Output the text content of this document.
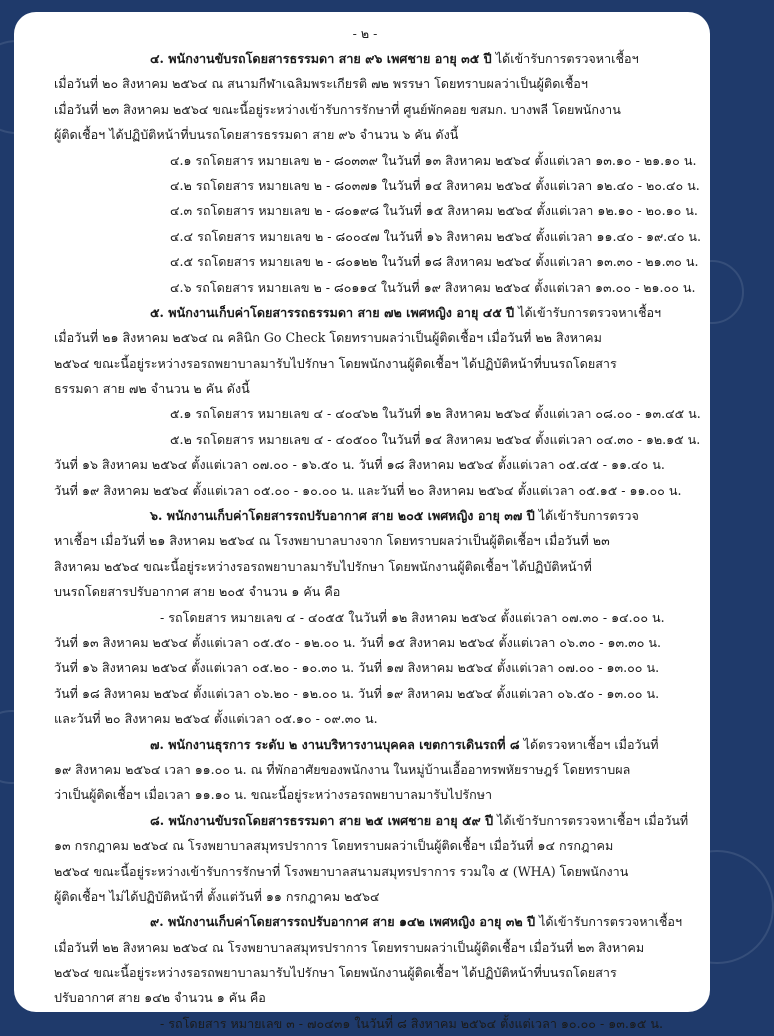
- ๒ -
๔. พนักงานขับรถโดยสารธรรมดา สาย ๙๖ เพศชาย อายุ ๓๕ ปี ได้เข้ารับการตรวจหาเชื้อฯ
เมื่อวันที่ ๒๐ สิงหาคม ๒๕๖๔ ณ สนามกีฬาเฉลิมพระเกียรติ ๗๒ พรรษา โดยทราบผลว่าเป็นผู้ติดเชื้อฯ
เมื่อวันที่ ๒๓ สิงหาคม ๒๕๖๔ ขณะนี้อยู่ระหว่างเข้ารับการรักษาที่ ศูนย์พักคอย ขสมก. บางพลี โดยพนักงาน
ผู้ติดเชื้อฯ ได้ปฏิบัติหน้าที่บนรถโดยสารธรรมดา สาย ๙๖ จำนวน ๖ คัน ดังนี้
๔.๑ รถโดยสาร หมายเลข ๒ - ๘๐๓๓๙ ในวันที่ ๑๓ สิงหาคม ๒๕๖๔ ตั้งแต่เวลา ๑๓.๑๐ - ๒๑.๑๐ น.
๔.๒ รถโดยสาร หมายเลข ๒ - ๘๐๓๗๑ ในวันที่ ๑๔ สิงหาคม ๒๕๖๔ ตั้งแต่เวลา ๑๒.๔๐ - ๒๐.๔๐ น.
๔.๓ รถโดยสาร หมายเลข ๒ - ๘๐๑๙๘ ในวันที่ ๑๕ สิงหาคม ๒๕๖๔ ตั้งแต่เวลา ๑๒.๑๐ - ๒๐.๑๐ น.
๔.๔ รถโดยสาร หมายเลข ๒ - ๘๐๐๔๗ ในวันที่ ๑๖ สิงหาคม ๒๕๖๔ ตั้งแต่เวลา ๑๑.๔๐ - ๑๙.๔๐ น.
๔.๕ รถโดยสาร หมายเลข ๒ - ๘๐๑๒๒ ในวันที่ ๑๘ สิงหาคม ๒๕๖๔ ตั้งแต่เวลา ๑๓.๓๐ - ๒๑.๓๐ น.
๔.๖ รถโดยสาร หมายเลข ๒ - ๘๐๑๑๔ ในวันที่ ๑๙ สิงหาคม ๒๕๖๔ ตั้งแต่เวลา ๑๓.๐๐ - ๒๑.๐๐ น.
๕. พนักงานเก็บค่าโดยสารรถธรรมดา สาย ๗๒ เพศหญิง อายุ ๔๕ ปี ได้เข้ารับการตรวจหาเชื้อฯ
เมื่อวันที่ ๒๑ สิงหาคม ๒๕๖๔ ณ คลินิก Go Check โดยทราบผลว่าเป็นผู้ติดเชื้อฯ เมื่อวันที่ ๒๒ สิงหาคม
๒๕๖๔ ขณะนี้อยู่ระหว่างรอรถพยาบาลมารับไปรักษา โดยพนักงานผู้ติดเชื้อฯ ได้ปฏิบัติหน้าที่บนรถโดยสาร
ธรรมดา สาย ๗๒ จำนวน ๒ คัน ดังนี้
๕.๑ รถโดยสาร หมายเลข ๔ - ๔๐๔๖๒ ในวันที่ ๑๒ สิงหาคม ๒๕๖๔ ตั้งแต่เวลา ๐๘.๐๐ - ๑๓.๔๕ น.
๕.๒ รถโดยสาร หมายเลข ๔ - ๔๐๕๐๐ ในวันที่ ๑๔ สิงหาคม ๒๕๖๔ ตั้งแต่เวลา ๐๔.๓๐ - ๑๒.๑๕ น.
วันที่ ๑๖ สิงหาคม ๒๕๖๔ ตั้งแต่เวลา ๐๗.๐๐ - ๑๖.๕๐ น. วันที่ ๑๘ สิงหาคม ๒๕๖๔ ตั้งแต่เวลา ๐๕.๔๕ - ๑๑.๔๐ น.
วันที่ ๑๙ สิงหาคม ๒๕๖๔ ตั้งแต่เวลา ๐๕.๐๐ - ๑๐.๐๐ น. และวันที่ ๒๐ สิงหาคม ๒๕๖๔ ตั้งแต่เวลา ๐๕.๑๕ - ๑๑.๐๐ น.
๖. พนักงานเก็บค่าโดยสารรถปรับอากาศ สาย ๒๐๕ เพศหญิง อายุ ๓๗ ปี ได้เข้ารับการตรวจ
หาเชื้อฯ เมื่อวันที่ ๒๑ สิงหาคม ๒๕๖๔ ณ โรงพยาบาลบางจาก โดยทราบผลว่าเป็นผู้ติดเชื้อฯ เมื่อวันที่ ๒๓
สิงหาคม ๒๕๖๔ ขณะนี้อยู่ระหว่างรอรถพยาบาลมารับไปรักษา โดยพนักงานผู้ติดเชื้อฯ ได้ปฏิบัติหน้าที่
บนรถโดยสารปรับอากาศ สาย ๒๐๕ จำนวน ๑ คัน คือ
- รถโดยสาร หมายเลข ๔ - ๔๐๕๕ ในวันที่ ๑๒ สิงหาคม ๒๕๖๔ ตั้งแต่เวลา ๐๗.๓๐ - ๑๔.๐๐ น.
วันที่ ๑๓ สิงหาคม ๒๕๖๔ ตั้งแต่เวลา ๐๕.๕๐ - ๑๒.๐๐ น. วันที่ ๑๕ สิงหาคม ๒๕๖๔ ตั้งแต่เวลา ๐๖.๓๐ - ๑๓.๓๐ น.
วันที่ ๑๖ สิงหาคม ๒๕๖๔ ตั้งแต่เวลา ๐๕.๒๐ - ๑๐.๓๐ น. วันที่ ๑๗ สิงหาคม ๒๕๖๔ ตั้งแต่เวลา ๐๗.๐๐ - ๑๓.๐๐ น.
วันที่ ๑๘ สิงหาคม ๒๕๖๔ ตั้งแต่เวลา ๐๖.๒๐ - ๑๒.๐๐ น. วันที่ ๑๙ สิงหาคม ๒๕๖๔ ตั้งแต่เวลา ๐๖.๕๐ - ๑๓.๐๐ น.
และวันที่ ๒๐ สิงหาคม ๒๕๖๔ ตั้งแต่เวลา ๐๕.๑๐ - ๐๙.๓๐ น.
๗. พนักงานธุรการ ระดับ ๒ งานบริหารงานบุคคล เขตการเดินรถที่ ๘ ได้ตรวจหาเชื้อฯ เมื่อวันที่
๑๙ สิงหาคม ๒๕๖๔ เวลา ๑๑.๐๐ น. ณ ที่พักอาศัยของพนักงาน ในหมู่บ้านเอื้ออาทรพหัยราษฎร์ โดยทราบผล
ว่าเป็นผู้ติดเชื้อฯ เมื่อเวลา ๑๑.๑๐ น. ขณะนี้อยู่ระหว่างรอรถพยาบาลมารับไปรักษา
๘. พนักงานขับรถโดยสารธรรมดา สาย ๒๕ เพศชาย อายุ ๕๙ ปี ได้เข้ารับการตรวจหาเชื้อฯ เมื่อวันที่
๑๓ กรกฎาคม ๒๕๖๔ ณ โรงพยาบาลสมุทรปราการ โดยทราบผลว่าเป็นผู้ติดเชื้อฯ เมื่อวันที่ ๑๔ กรกฎาคม
๒๕๖๔ ขณะนี้อยู่ระหว่างเข้ารับการรักษาที่ โรงพยาบาลสนามสมุทรปราการ รวมใจ ๕ (WHA) โดยพนักงาน
ผู้ติดเชื้อฯ ไม่ได้ปฏิบัติหน้าที่ ตั้งแต่วันที่ ๑๑ กรกฎาคม ๒๕๖๔
๙. พนักงานเก็บค่าโดยสารรถปรับอากาศ สาย ๑๔๒ เพศหญิง อายุ ๓๒ ปี ได้เข้ารับการตรวจหาเชื้อฯ
เมื่อวันที่ ๒๒ สิงหาคม ๒๕๖๔ ณ โรงพยาบาลสมุทรปราการ โดยทราบผลว่าเป็นผู้ติดเชื้อฯ เมื่อวันที่ ๒๓ สิงหาคม
๒๕๖๔ ขณะนี้อยู่ระหว่างรอรถพยาบาลมารับไปรักษา โดยพนักงานผู้ติดเชื้อฯ ได้ปฏิบัติหน้าที่บนรถโดยสาร
ปรับอากาศ สาย ๑๔๒ จำนวน ๑ คัน คือ
- รถโดยสาร หมายเลข ๓ - ๗๐๔๓๑ ในวันที่ ๘ สิงหาคม ๒๕๖๔ ตั้งแต่เวลา ๑๐.๐๐ - ๑๓.๑๕ น.
